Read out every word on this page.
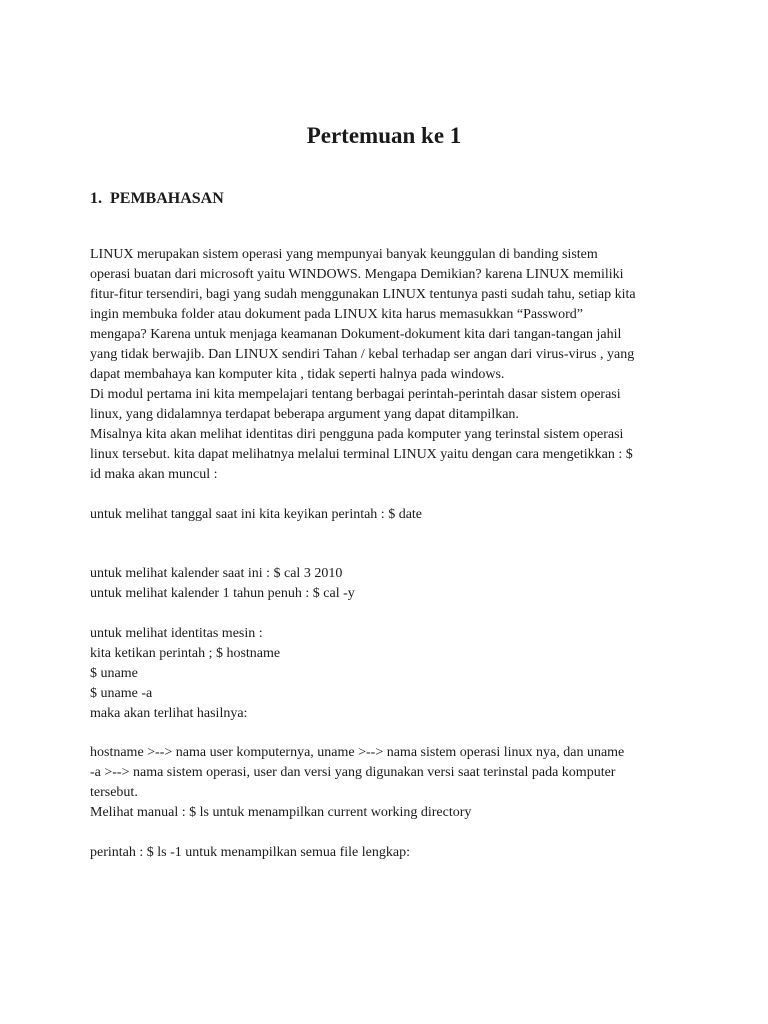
Pertemuan ke 1
1.  PEMBAHASAN

LINUX merupakan sistem operasi yang mempunyai banyak keunggulan di banding sistem

operasi buatan dari microsoft yaitu WINDOWS. Mengapa Demikian? karena LINUX memiliki

fitur-fitur tersendiri, bagi yang sudah menggunakan LINUX tentunya pasti sudah tahu, setiap kita

ingin membuka folder atau dokument pada LINUX kita harus memasukkan “Password”

mengapa? Karena untuk menjaga keamanan Dokument-dokument kita dari tangan-tangan jahil

yang tidak berwajib. Dan LINUX sendiri Tahan / kebal terhadap ser angan dari virus-virus , yang

dapat membahaya kan komputer kita , tidak seperti halnya pada windows.

Di modul pertama ini kita mempelajari tentang berbagai perintah-perintah dasar sistem operasi

linux, yang didalamnya terdapat beberapa argument yang dapat ditampilkan.

Misalnya kita akan melihat identitas diri pengguna pada komputer yang terinstal sistem operasi

linux tersebut. kita dapat melihatnya melalui terminal LINUX yaitu dengan cara mengetikkan : $

id maka akan muncul :

untuk melihat tanggal saat ini kita keyikan perintah : $ date

untuk melihat kalender saat ini : $ cal 3 2010

untuk melihat kalender 1 tahun penuh : $ cal -y

untuk melihat identitas mesin :

kita ketikan perintah ; $ hostname

$ uname

$ uname -a

maka akan terlihat hasilnya:

hostname >--> nama user komputernya, uname >--> nama sistem operasi linux nya, dan uname

-a >--> nama sistem operasi, user dan versi yang digunakan versi saat terinstal pada komputer

tersebut.

Melihat manual : $ ls untuk menampilkan current working directory

perintah : $ ls -1 untuk menampilkan semua file lengkap:
